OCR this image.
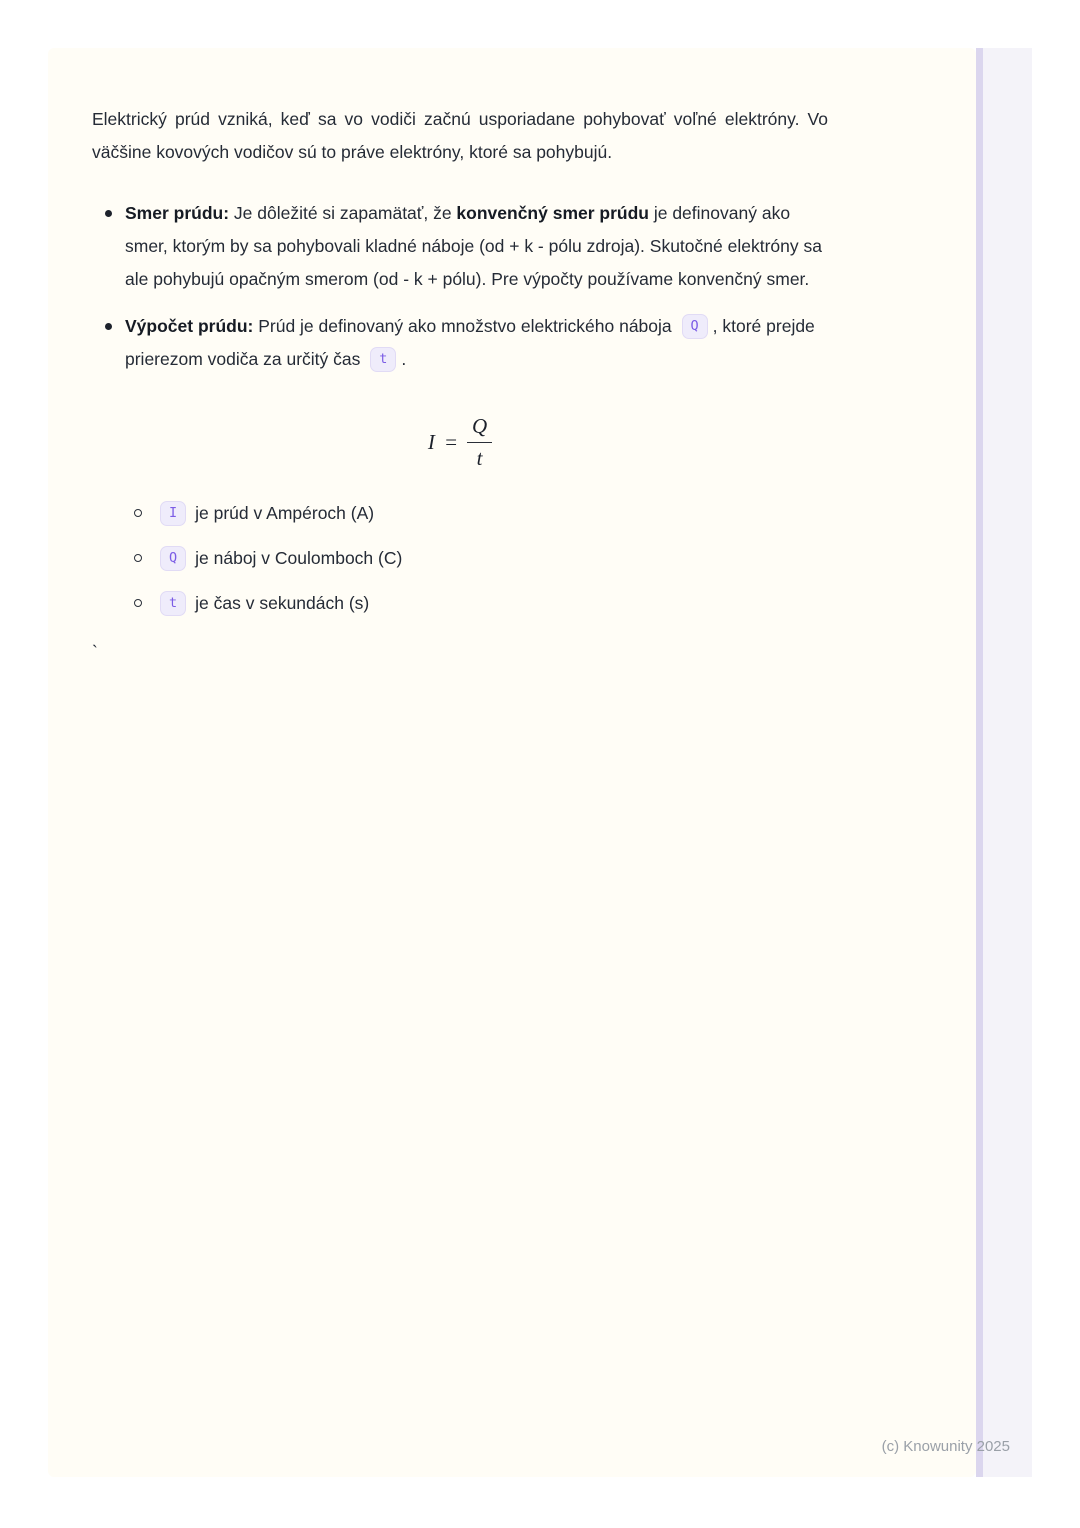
Elektrický prúd vzniká, keď sa vo vodiči začnú usporiadane pohybovať voľné elektróny. Vo väčšine kovových vodičov sú to práve elektróny, ktoré sa pohybujú.

Smer prúdu: Je dôležité si zapamätať, že konvenčný smer prúdu je definovaný ako smer, ktorým by sa pohybovali kladné náboje (od + k - pólu zdroja). Skutočné elektróny sa ale pohybujú opačným smerom (od - k + pólu). Pre výpočty používame konvenčný smer.
Výpočet prúdu: Prúd je definovaný ako množstvo elektrického náboja Q , ktoré prejde prierezom vodiča za určitý čas t .
$I = \frac{Q}{t}$
I je prúd v Ampéroch (A)
Q je náboj v Coulomboch (C)
t je čas v sekundách (s)

`

(c) Knowunity 2025
